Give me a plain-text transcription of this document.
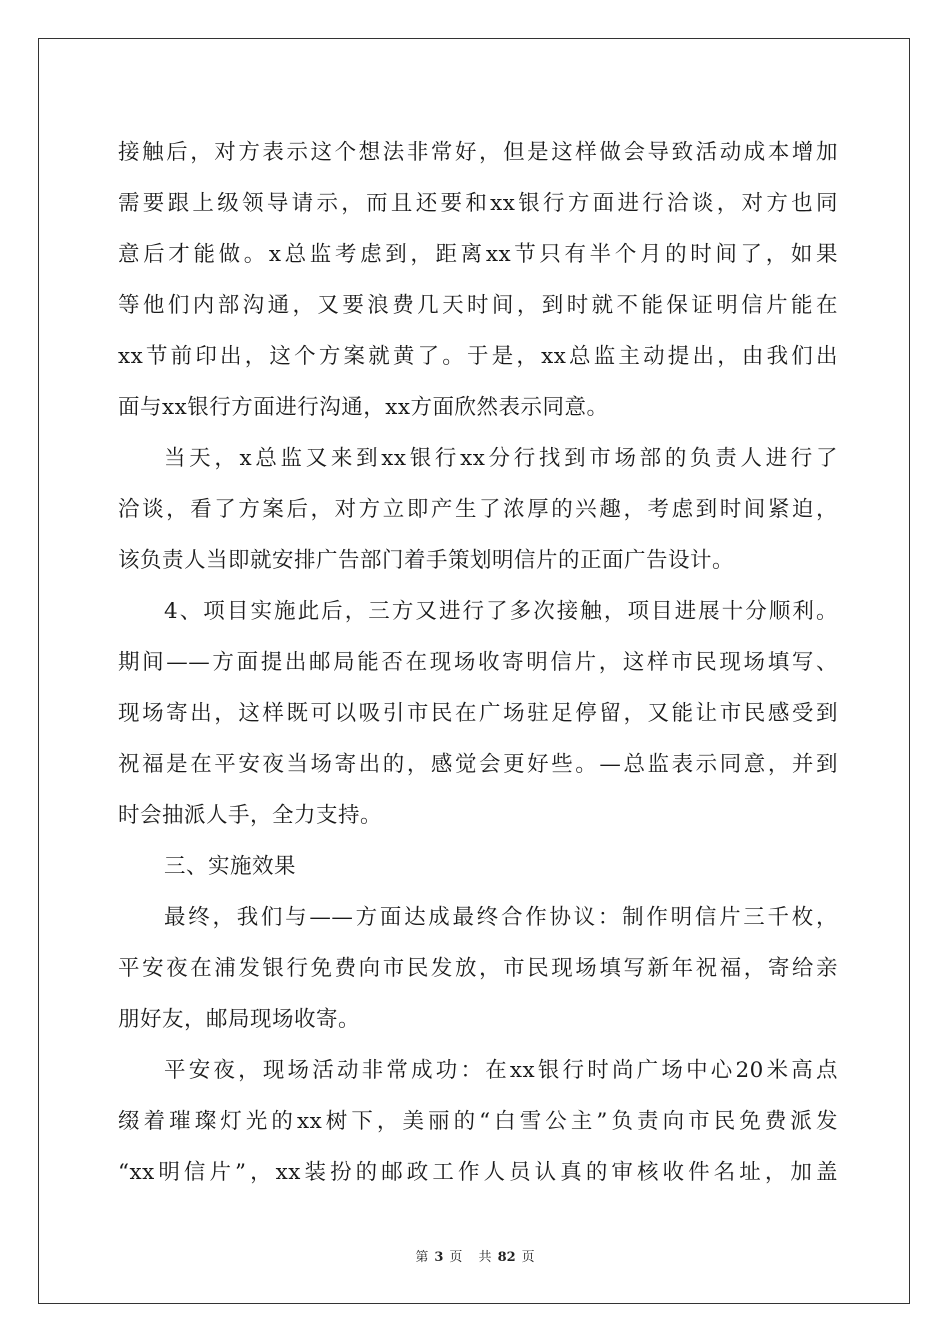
接触后，对方表示这个想法非常好，但是这样做会导致活动成本增加
需要跟上级领导请示，而且还要和xx银行方面进行洽谈，对方也同
意后才能做。x总监考虑到，距离xx节只有半个月的时间了，如果
等他们内部沟通，又要浪费几天时间，到时就不能保证明信片能在
xx节前印出，这个方案就黄了。于是，xx总监主动提出，由我们出
面与xx银行方面进行沟通，xx方面欣然表示同意。
当天，x总监又来到xx银行xx分行找到市场部的负责人进行了
洽谈，看了方案后，对方立即产生了浓厚的兴趣，考虑到时间紧迫，
该负责人当即就安排广告部门着手策划明信片的正面广告设计。
4、项目实施此后，三方又进行了多次接触，项目进展十分顺利。
期间——方面提出邮局能否在现场收寄明信片，这样市民现场填写、
现场寄出，这样既可以吸引市民在广场驻足停留，又能让市民感受到
祝福是在平安夜当场寄出的，感觉会更好些。—总监表示同意，并到
时会抽派人手，全力支持。
三、实施效果
最终，我们与——方面达成最终合作协议：制作明信片三千枚，
平安夜在浦发银行免费向市民发放，市民现场填写新年祝福，寄给亲
朋好友，邮局现场收寄。
平安夜，现场活动非常成功：在xx银行时尚广场中心20米高点
缀着璀璨灯光的xx树下，美丽的“白雪公主”负责向市民免费派发
“xx明信片”，xx装扮的邮政工作人员认真的审核收件名址，加盖
第 3 页 共 82 页
